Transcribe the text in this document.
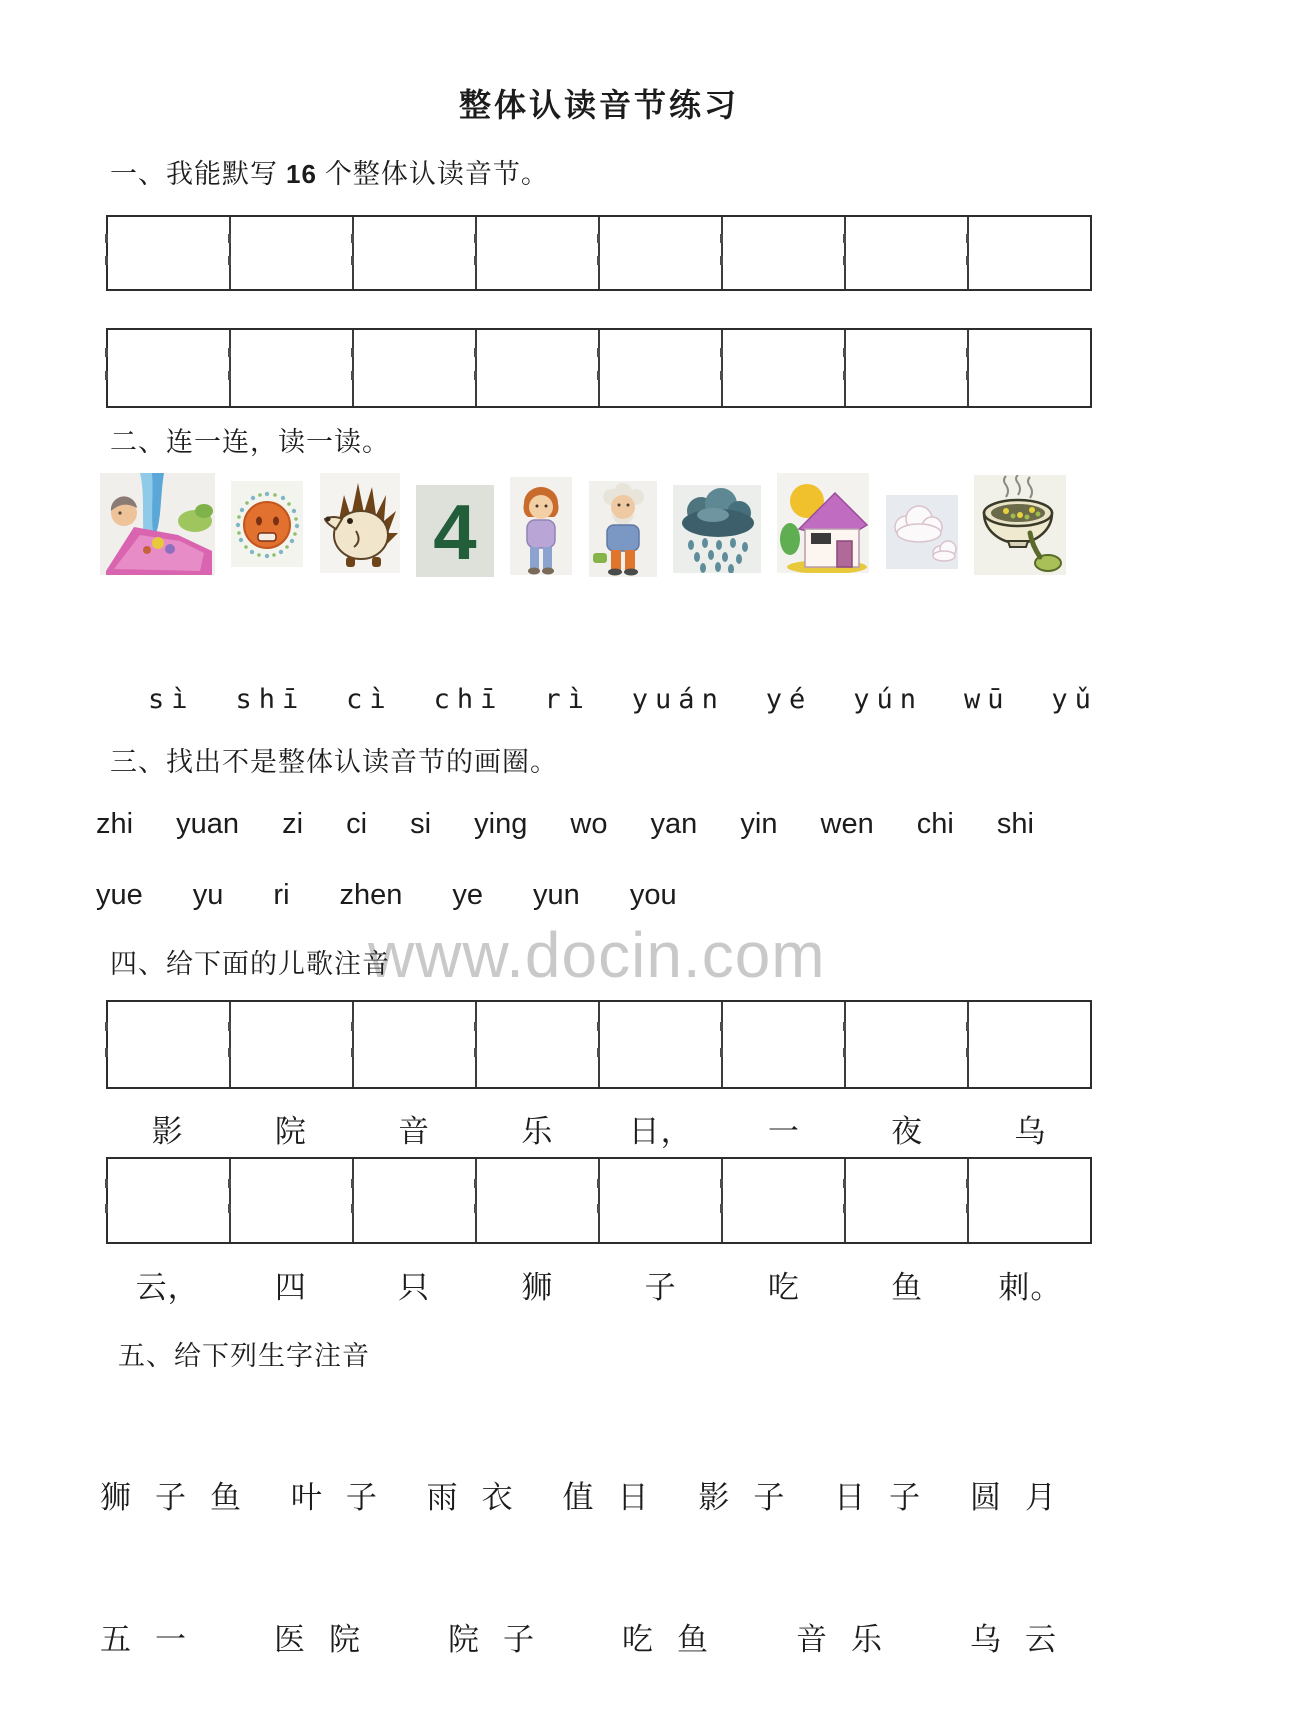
www.docin.com
整体认读音节练习
一、我能默写 16 个整体认读音节。
二、连一连，读一读。
4
sì shī cì chī rì yuán yé yún wū yǔ
三、找出不是整体认读音节的画圈。
zhi yuan zi ci si ying wo yan yin wen chi shi
yue yu ri zhen ye yun you
四、给下面的儿歌注音
影	院	音	乐	日，	一	夜	乌
云，	四	只	狮	子	吃	鱼	刺。
五、给下列生字注音
狮 子 鱼 叶 子 雨 衣 值 日 影 子 日 子 圆 月
五 一	医 院	院 子	吃 鱼	音 乐	乌 云
